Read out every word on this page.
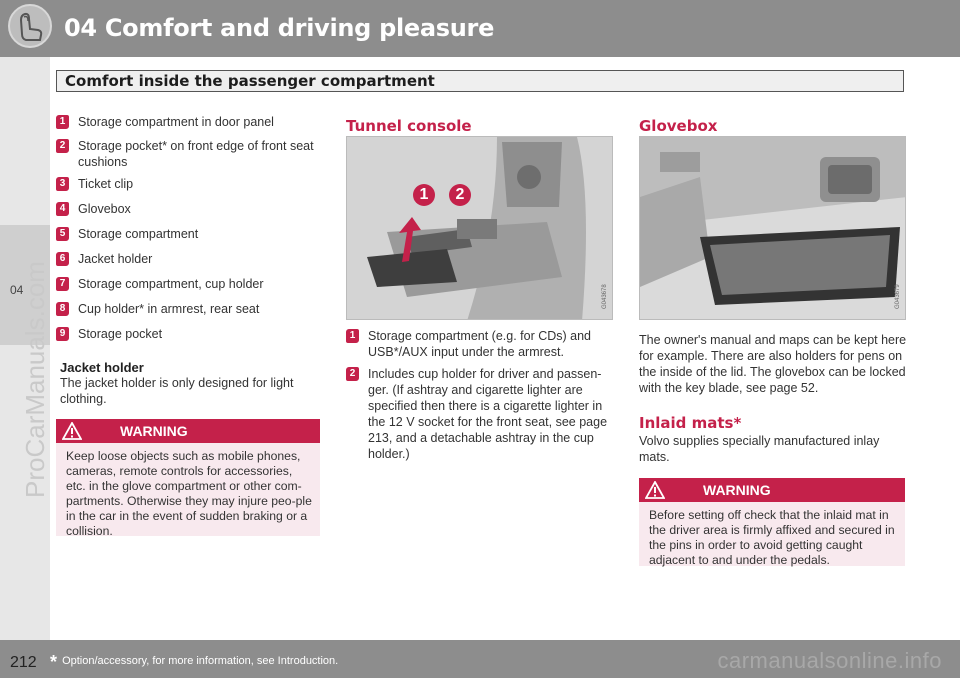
04 Comfort and driving pleasure
04
ProCarManuals.com
Comfort inside the passenger compartment
1 Storage compartment in door panel
2 Storage pocket* on front edge of front seat cushions
3 Ticket clip
4 Glovebox
5 Storage compartment
6 Jacket holder
7 Storage compartment, cup holder
8 Cup holder* in armrest, rear seat
9 Storage pocket
Jacket holder
The jacket holder is only designed for light clothing.
WARNING
Keep loose objects such as mobile phones, cameras, remote controls for accessories, etc. in the glove compartment or other com-partments. Otherwise they may injure peo-ple in the car in the event of sudden braking or a collision.
Tunnel console
1	2
G043678
1 Storage compartment (e.g. for CDs) and USB*/AUX input under the armrest.
2 Includes cup holder for driver and passen-ger. (If ashtray and cigarette lighter are specified then there is a cigarette lighter in the 12 V socket for the front seat, see page 213, and a detachable ashtray in the cup holder.)
Glovebox
G043679
The owner's manual and maps can be kept here for example. There are also holders for pens on the inside of the lid. The glovebox can be locked with the key blade, see page 52.
Inlaid mats*
Volvo supplies specially manufactured inlay mats.
WARNING
Before setting off check that the inlaid mat in the driver area is firmly affixed and secured in the pins in order to avoid getting caught adjacent to and under the pedals.
212 * Option/accessory, for more information, see Introduction.	carmanualsonline.info
